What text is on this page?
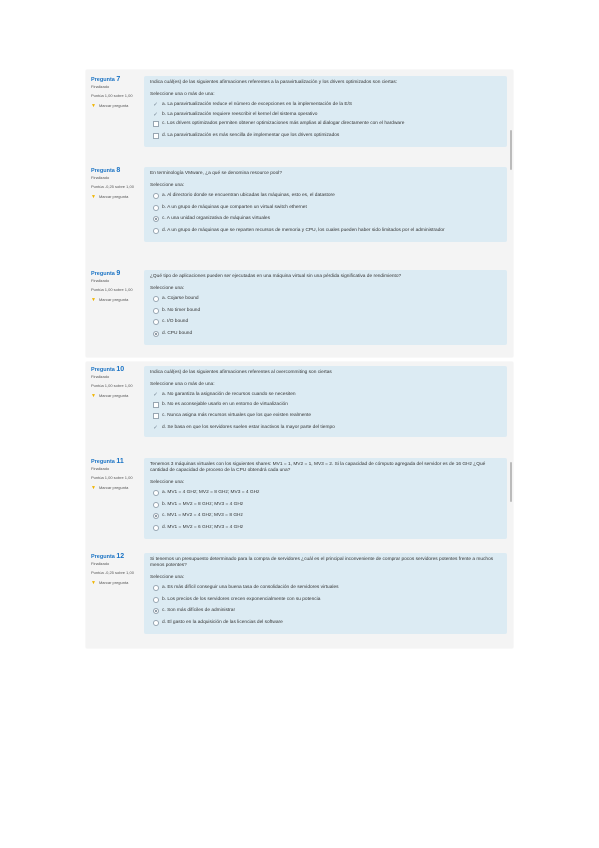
Pregunta 7
Finalizado
Puntúa 1,00 sobre 1,00
▼ Marcar pregunta
Indica cuál(es) de las siguientes afirmaciones referentes a la paravirtualización y los drivers optimizados son ciertas:
Seleccione una o más de una:
✓
a. La paravirtualización reduce el número de excepciones en la implementación de la E/S
✓
b. La paravirtualización requiere reescribir el kernel del sistema operativo
c. Los drivers optimizados permiten obtener optimizaciones más amplias al dialogar directamente con el hardware
d. La paravirtualización es más sencilla de implementar que los drivers optimizados
Pregunta 8
Finalizado
Puntúa -0,25 sobre 1,00
▼ Marcar pregunta
En terminología VMware, ¿a qué se denomina resource pool?
Seleccione una:
a. Al directorio donde se encuentran ubicadas las máquinas, esto es, el datastore
b. A un grupo de máquinas que comparten un virtual switch ethernet
c. A una unidad organizativa de máquinas virtuales
d. A un grupo de máquinas que se reparten recursos de memoria y CPU, los cuales pueden haber sido limitados por el administrador
Pregunta 9
Finalizado
Puntúa 1,00 sobre 1,00
▼ Marcar pregunta
¿Qué tipo de aplicaciones pueden ser ejecutadas en una máquina virtual sin una pérdida significativa de rendimiento?
Seleccione una:
a. Cojarse bound
b. No timer bound
c. I/O bound
d. CPU bound
Pregunta 10
Finalizado
Puntúa 1,00 sobre 1,00
▼ Marcar pregunta
Indica cuál(es) de las siguientes afirmaciones referentes al overcommiting son ciertas
Seleccione una o más de una:
✓
a. No garantiza la asignación de recursos cuando se necesiten
b. No es aconsejable usarlo en un entorno de virtualización
c. Nunca asigna más recursos virtuales que los que existen realmente
✓
d. Se basa en que los servidores suelen estar inactivos la mayor parte del tiempo
Pregunta 11
Finalizado
Puntúa 1,00 sobre 1,00
▼ Marcar pregunta
Tenemos 3 máquinas virtuales con los siguientes shares: MV1 = 1, MV2 = 1, MV3 = 2. Si la capacidad de cómputo agregada del servidor es de 16 GHz ¿Qué cantidad de capacidad de proceso de la CPU obtendrá cada una?
Seleccione una:
a. MV1 = 4 GHz; MV2 = 8 GHz; MV3 = 4 GHz
b. MV1 = MV2 = 8 GHz; MV3 = 4 GHz
c. MV1 = MV2 = 4 GHz; MV3 = 8 GHz
d. MV1 = MV2 = 6 GHz; MV3 = 4 GHz
Pregunta 12
Finalizado
Puntúa -0,25 sobre 1,00
▼ Marcar pregunta
Si tenemos un presupuesto determinado para la compra de servidores ¿cuál es el principal inconveniente de comprar pocos servidores potentes frente a muchos menos potentes?
Seleccione una:
a. Es más difícil conseguir una buena tasa de consolidación de servidores virtuales
b. Los precios de los servidores crecen exponencialmente con su potencia
c. Son más difíciles de administrar
d. El gasto en la adquisición de las licencias del software
